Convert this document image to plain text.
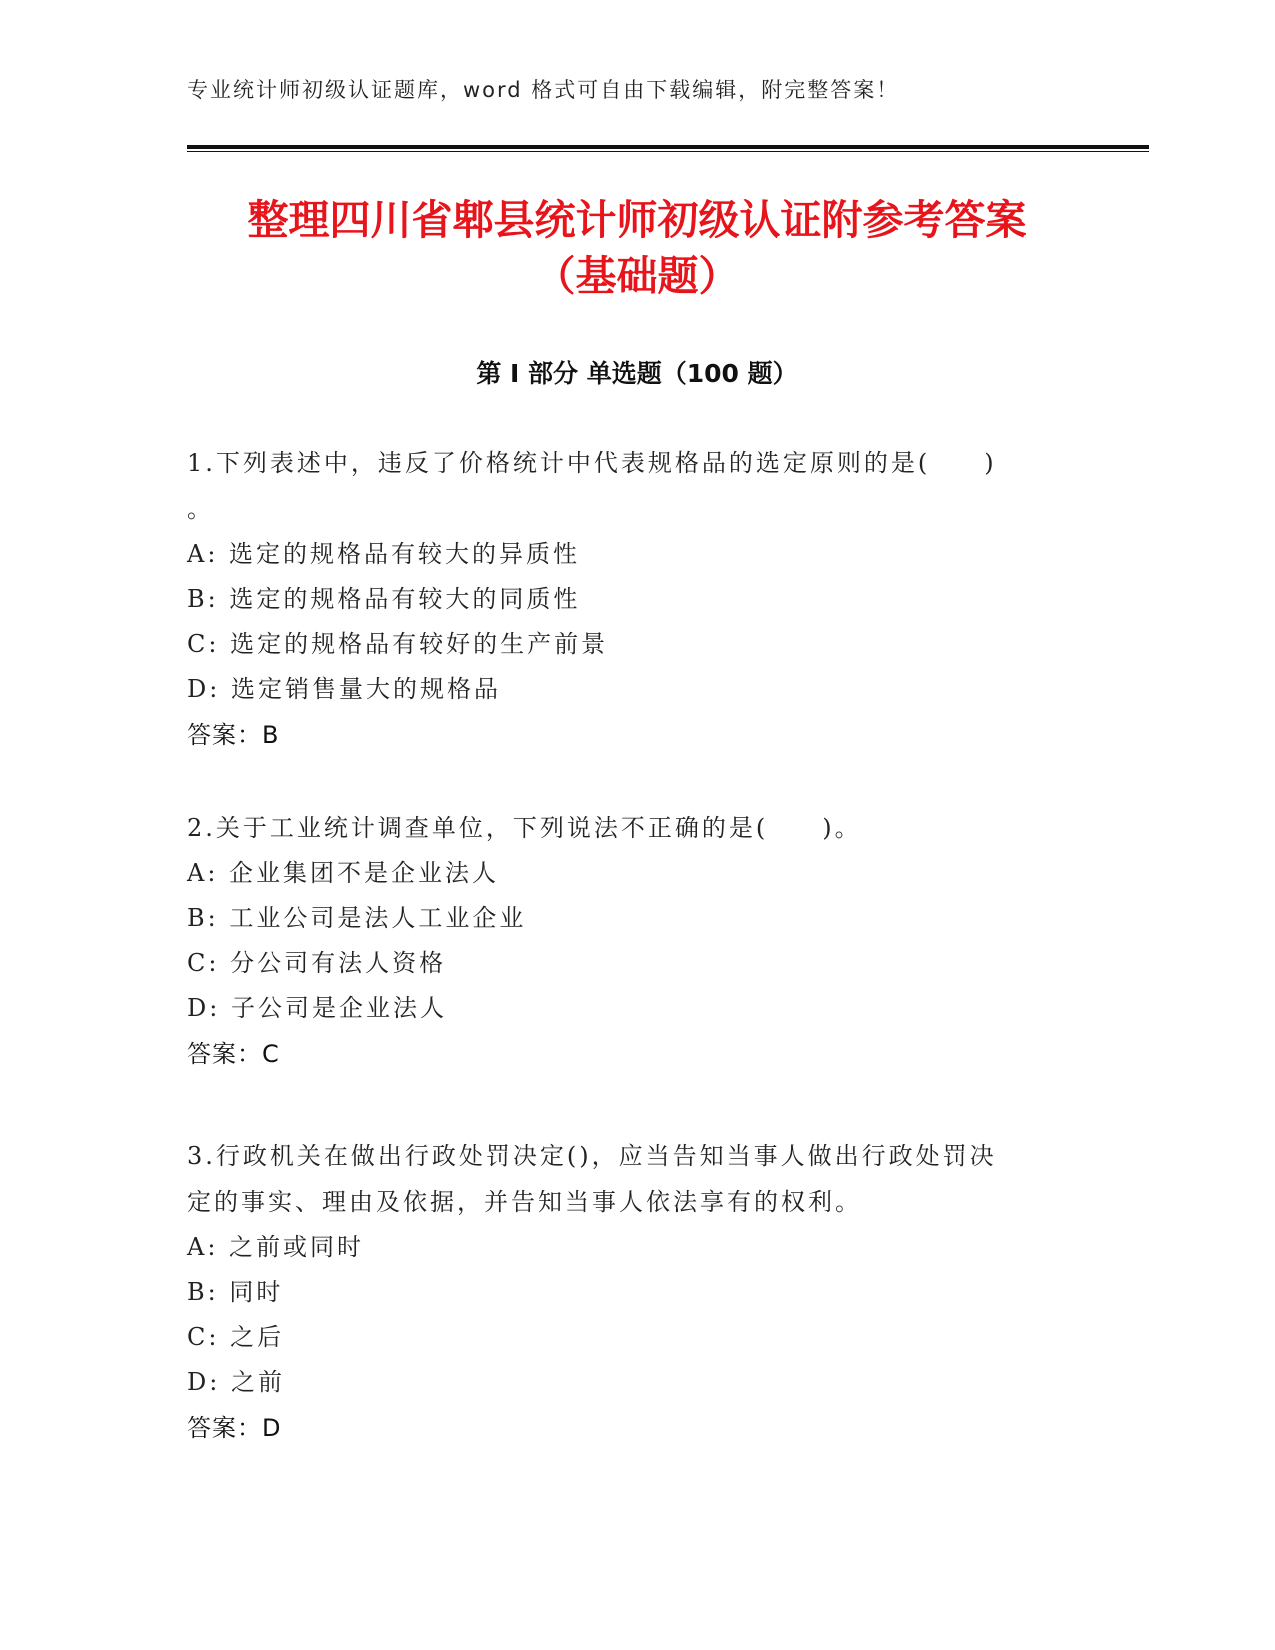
专业统计师初级认证题库，word 格式可自由下载编辑，附完整答案！
整理四川省郫县统计师初级认证附参考答案
（基础题）
第 I 部分 单选题（100 题）

1.下列表述中，违反了价格统计中代表规格品的选定原则的是(　　)

。

A: 选定的规格品有较大的异质性

B: 选定的规格品有较大的同质性

C: 选定的规格品有较好的生产前景

D: 选定销售量大的规格品

答案：B

2.关于工业统计调查单位，下列说法不正确的是(　　)。

A: 企业集团不是企业法人

B: 工业公司是法人工业企业

C: 分公司有法人资格

D: 子公司是企业法人

答案：C

3.行政机关在做出行政处罚决定()，应当告知当事人做出行政处罚决

定的事实、理由及依据，并告知当事人依法享有的权利。

A: 之前或同时

B: 同时

C: 之后

D: 之前

答案：D
